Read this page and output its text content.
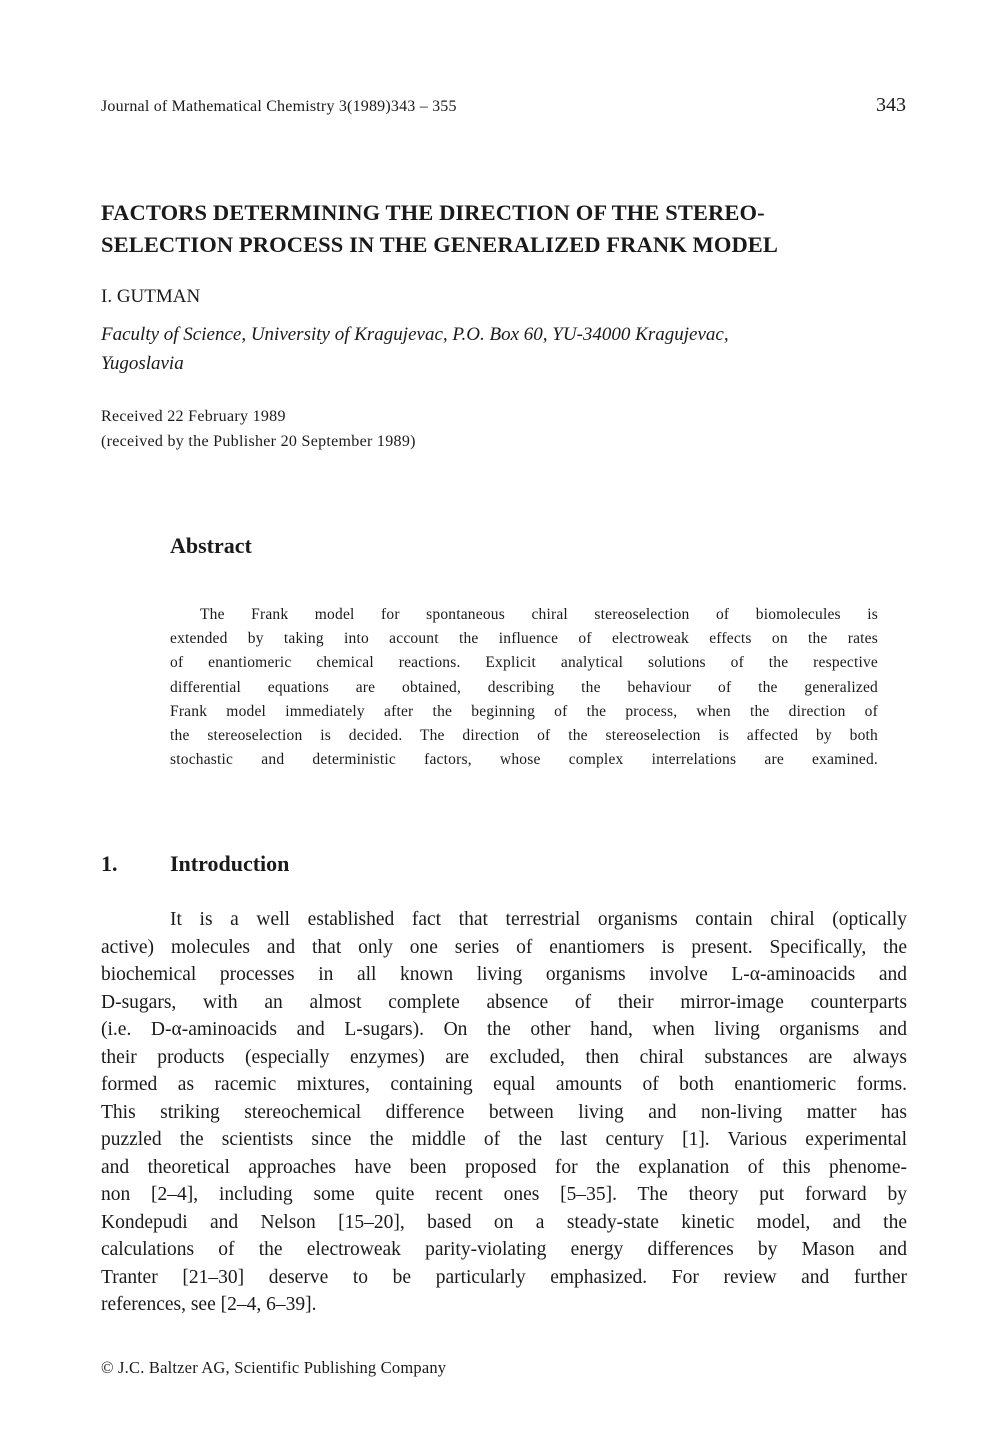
Journal of Mathematical Chemistry 3(1989)343 – 355	343
FACTORS DETERMINING THE DIRECTION OF THE STEREO-
SELECTION PROCESS IN THE GENERALIZED FRANK MODEL
I. GUTMAN
Faculty of Science, University of Kragujevac, P.O. Box 60, YU-34000 Kragujevac,
Yugoslavia
Received 22 February 1989
(received by the Publisher 20 September 1989)
Abstract
The Frank model for spontaneous chiral stereoselection of biomolecules is
extended by taking into account the influence of electroweak effects on the rates
of enantiomeric chemical reactions. Explicit analytical solutions of the respective
differential equations are obtained, describing the behaviour of the generalized
Frank model immediately after the beginning of the process, when the direction of
the stereoselection is decided. The direction of the stereoselection is affected by both
stochastic and deterministic factors, whose complex interrelations are examined.
1. Introduction
It is a well established fact that terrestrial organisms contain chiral (optically
active) molecules and that only one series of enantiomers is present. Specifically, the
biochemical processes in all known living organisms involve L-α-aminoacids and
D-sugars, with an almost complete absence of their mirror-image counterparts
(i.e. D-α-aminoacids and L-sugars). On the other hand, when living organisms and
their products (especially enzymes) are excluded, then chiral substances are always
formed as racemic mixtures, containing equal amounts of both enantiomeric forms.
This striking stereochemical difference between living and non-living matter has
puzzled the scientists since the middle of the last century [1]. Various experimental
and theoretical approaches have been proposed for the explanation of this phenome-
non [2–4], including some quite recent ones [5–35]. The theory put forward by
Kondepudi and Nelson [15–20], based on a steady-state kinetic model, and the
calculations of the electroweak parity-violating energy differences by Mason and
Tranter [21–30] deserve to be particularly emphasized. For review and further
references, see [2–4, 6–39].
© J.C. Baltzer AG, Scientific Publishing Company
